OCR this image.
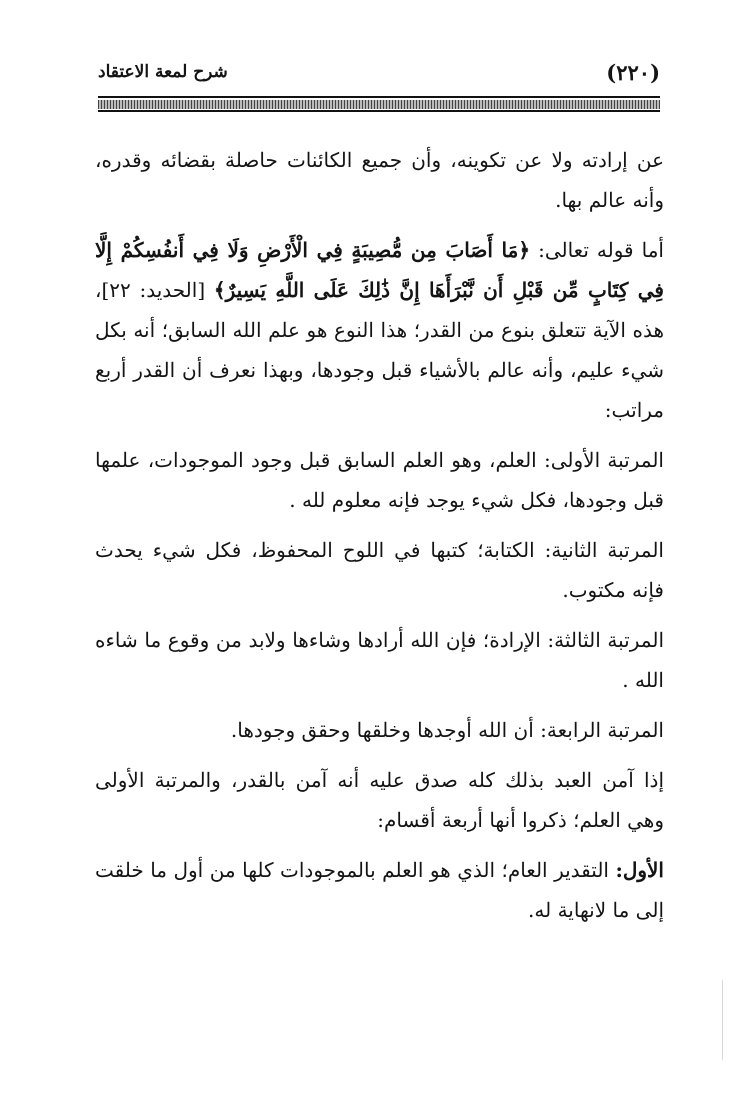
(٢٢٠)
شرح لمعة الاعتقاد

عن إرادته ولا عن تكوينه، وأن جميع الكائنات حاصلة بقضائه وقدره، وأنه عالم بها.

أما قوله تعالى: ﴿مَا أَصَابَ مِن مُّصِيبَةٍ فِي الْأَرْضِ وَلَا فِي أَنفُسِكُمْ إِلَّا فِي كِتَابٍ مِّن قَبْلِ أَن نَّبْرَأَهَا إِنَّ ذَٰلِكَ عَلَى اللَّهِ يَسِيرٌ﴾ [الحديد: ٢٢]، هذه الآية تتعلق بنوع من القدر؛ هذا النوع هو علم الله السابق؛ أنه بكل شيء عليم، وأنه عالم بالأشياء قبل وجودها، وبهذا نعرف أن القدر أربع مراتب:

المرتبة الأولى: العلم، وهو العلم السابق قبل وجود الموجودات، علمها قبل وجودها، فكل شيء يوجد فإنه معلوم لله .

المرتبة الثانية: الكتابة؛ كتبها في اللوح المحفوظ، فكل شيء يحدث فإنه مكتوب.

المرتبة الثالثة: الإرادة؛ فإن الله أرادها وشاءها ولابد من وقوع ما شاءه الله .

المرتبة الرابعة: أن الله أوجدها وخلقها وحقق وجودها.

إذا آمن العبد بذلك كله صدق عليه أنه آمن بالقدر، والمرتبة الأولى وهي العلم؛ ذكروا أنها أربعة أقسام:

الأول: التقدير العام؛ الذي هو العلم بالموجودات كلها من أول ما خلقت إلى ما لانهاية له.
